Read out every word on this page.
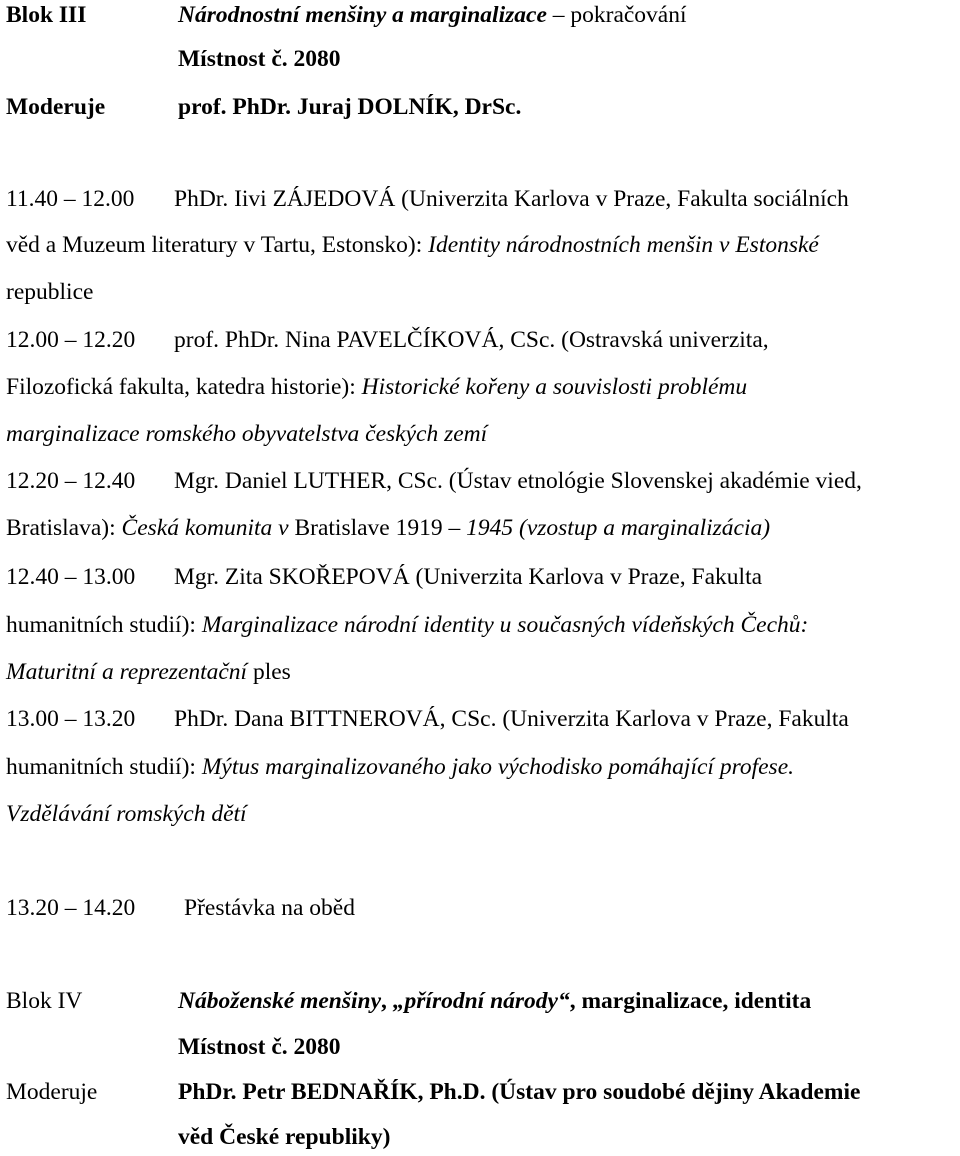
Blok III	Národnostní menšiny a marginalizace – pokračování
Místnost č. 2080
Moderuje	prof. PhDr. Juraj DOLNÍK, DrSc.
11.40 – 12.00 PhDr. Iivi ZÁJEDOVÁ (Univerzita Karlova v Praze, Fakulta sociálních
věd a Muzeum literatury v Tartu, Estonsko): Identity národnostních menšin v Estonské
republice
12.00 – 12.20 prof. PhDr. Nina PAVELČÍKOVÁ, CSc. (Ostravská univerzita,
Filozofická fakulta, katedra historie): Historické kořeny a souvislosti problému
marginalizace romského obyvatelstva českých zemí
12.20 – 12.40 Mgr. Daniel LUTHER, CSc. (Ústav etnológie Slovenskej akadémie vied,
Bratislava): Česká komunita v Bratislave 1919 – 1945 (vzostup a marginalizácia)
12.40 – 13.00 Mgr. Zita SKOŘEPOVÁ (Univerzita Karlova v Praze, Fakulta
humanitních studií): Marginalizace národní identity u současných vídeňských Čechů:
Maturitní a reprezentační ples
13.00 – 13.20 PhDr. Dana BITTNEROVÁ, CSc. (Univerzita Karlova v Praze, Fakulta
humanitních studií): Mýtus marginalizovaného jako východisko pomáhající profese.
Vzdělávání romských dětí
13.20 – 14.20 Přestávka na oběd
Blok IV	Náboženské menšiny, „přírodní národy“, marginalizace, identita
Místnost č. 2080
Moderuje	PhDr. Petr BEDNAŘÍK, Ph.D. (Ústav pro soudobé dějiny Akademie
věd České republiky)
